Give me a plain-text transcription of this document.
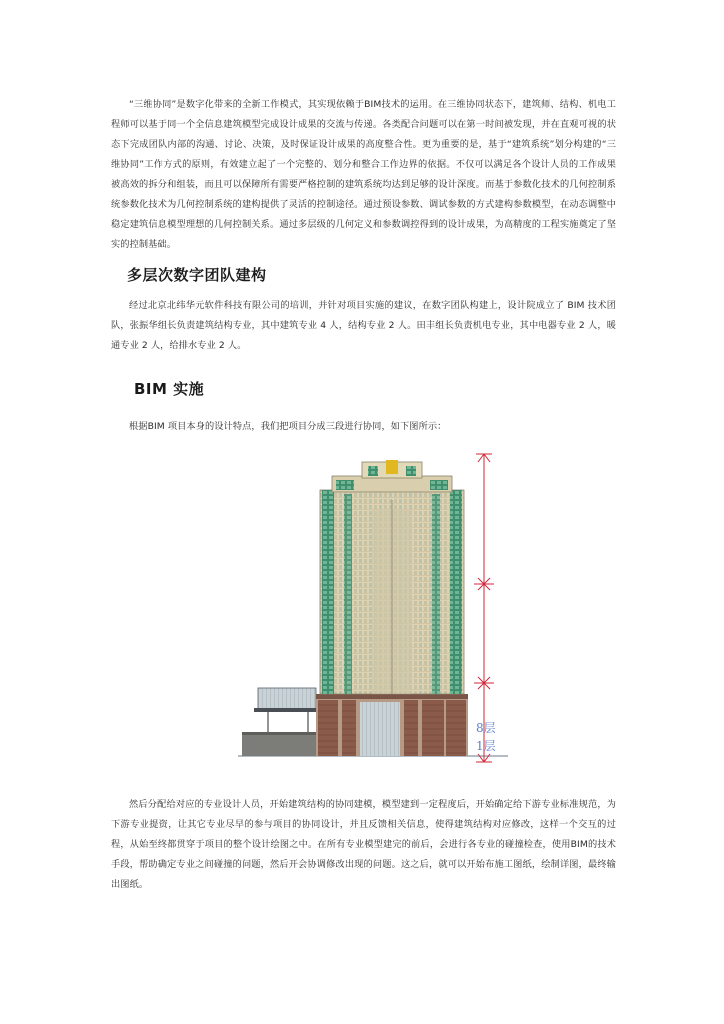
“三维协同”是数字化带来的全新工作模式，其实现依赖于BIM技术的运用。在三维协同状态下，建筑师、结构、机电工程师可以基于同一个全信息建筑模型完成设计成果的交流与传递。各类配合问题可以在第一时间被发现，并在直观可视的状态下完成团队内部的沟通、讨论、决策，及时保证设计成果的高度整合性。更为重要的是，基于“建筑系统”划分构建的“三维协同”工作方式的原则，有效建立起了一个完整的、划分和整合工作边界的依据。不仅可以满足各个设计人员的工作成果被高效的拆分和组装，而且可以保障所有需要严格控制的建筑系统均达到足够的设计深度。而基于参数化技术的几何控制系统参数化技术为几何控制系统的建构提供了灵活的控制途径。通过预设参数、调试参数的方式建构参数模型，在动态调整中稳定建筑信息模型理想的几何控制关系。通过多层级的几何定义和参数调控得到的设计成果，为高精度的工程实施奠定了坚实的控制基础。

多层次数字团队建构

经过北京北纬华元软件科技有限公司的培训，并针对项目实施的建议，在数字团队构建上，设计院成立了 BIM 技术团队，张振华组长负责建筑结构专业，其中建筑专业 4 人，结构专业 2 人。田丰组长负责机电专业，其中电器专业 2 人，暖通专业 2 人，给排水专业 2 人。

BIM 实施

根据BIM 项目本身的设计特点，我们把项目分成三段进行协同，如下图所示：

8层
1层

然后分配给对应的专业设计人员，开始建筑结构的协同建模，模型建到一定程度后，开始确定给下游专业标准规范，为下游专业提资，让其它专业尽早的参与项目的协同设计，并且反馈相关信息，使得建筑结构对应修改，这样一个交互的过程，从始至终都贯穿于项目的整个设计绘图之中。在所有专业模型建完的前后，会进行各专业的碰撞检查，使用BIM的技术手段，帮助确定专业之间碰撞的问题，然后开会协调修改出现的问题。这之后，就可以开始布施工图纸，绘制详图，最终输出图纸。
